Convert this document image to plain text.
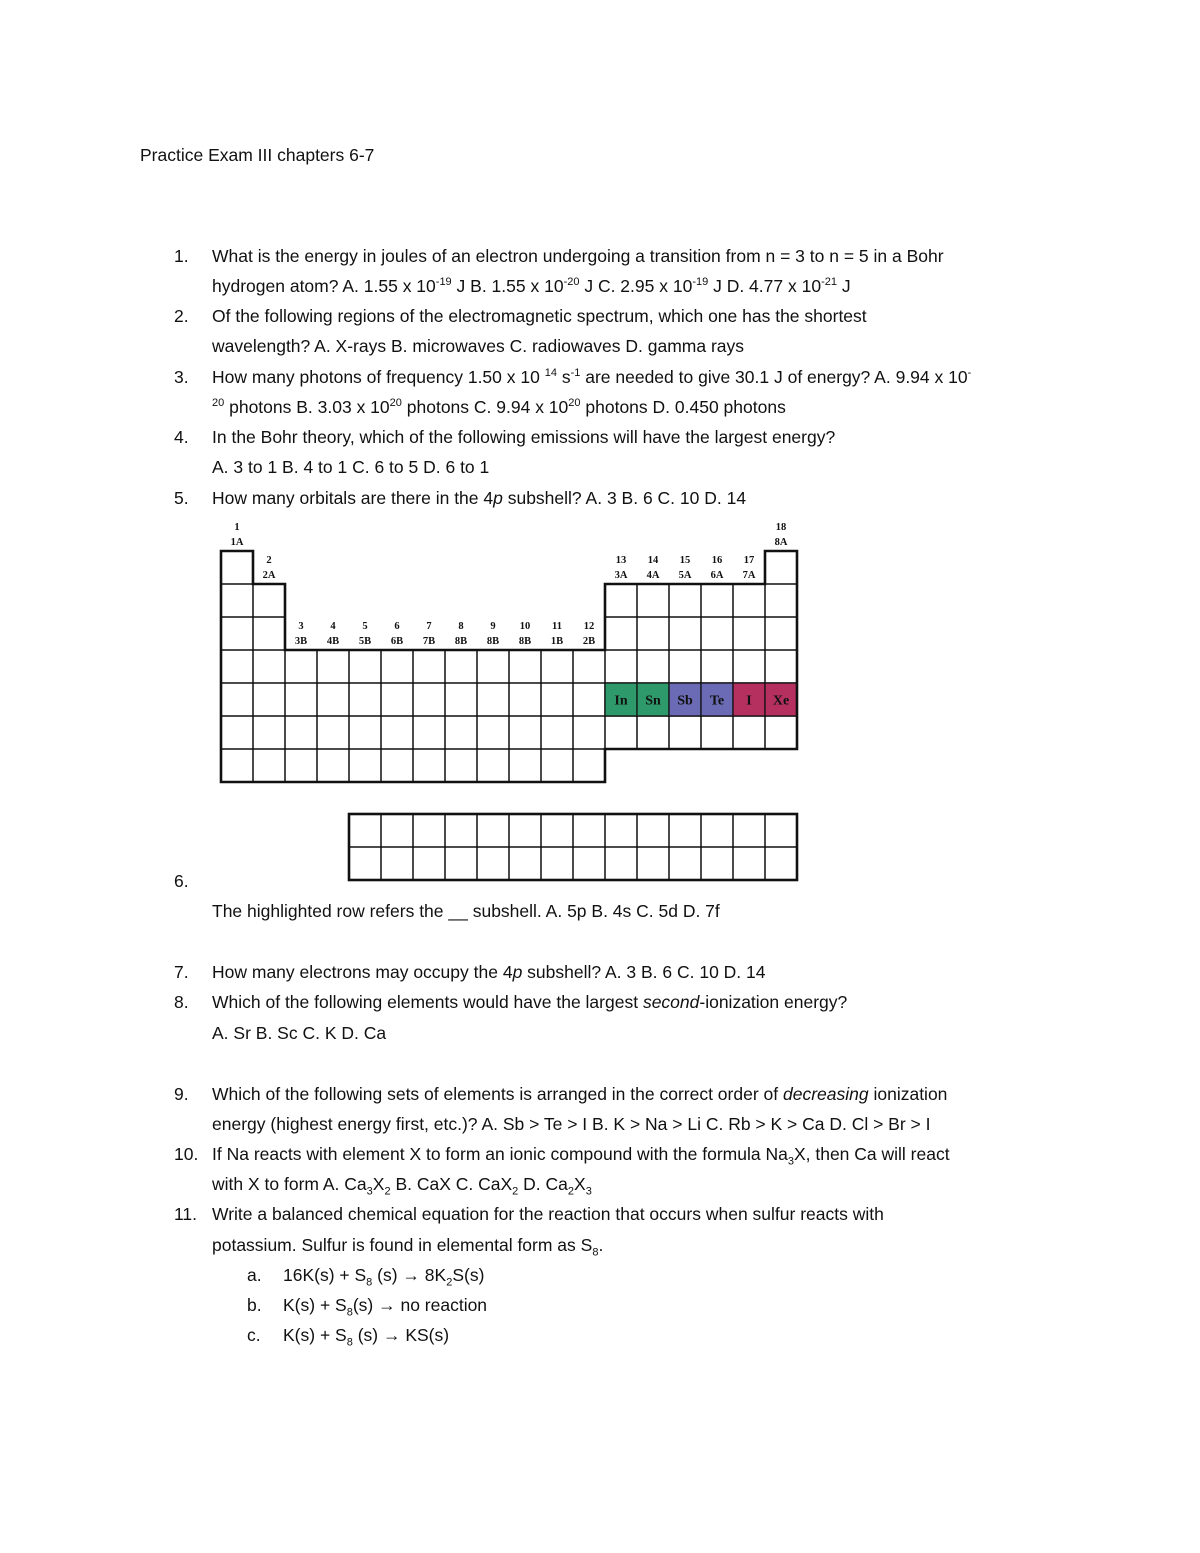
Practice Exam III chapters 6-7
1. What is the energy in joules of an electron undergoing a transition from n = 3 to n = 5 in a Bohr
hydrogen atom? A. 1.55 x $10^{-19}$ J B. 1.55 x $10^{-20}$ J C. 2.95 x $10^{-19}$ J D. 4.77 x $10^{-21}$ J
2. Of the following regions of the electromagnetic spectrum, which one has the shortest
wavelength? A. X-rays B. microwaves C. radiowaves D. gamma rays
3. How many photons of frequency 1.50 x 10 $^{14}$ $s^{-1}$ are needed to give 30.1 J of energy? A. 9.94 x 10-
$^{20}$ photons B. 3.03 x $10^{20}$ photons C. 9.94 x $10^{20}$ photons D. 0.450 photons
4. In the Bohr theory, which of the following emissions will have the largest energy?
A. 3 to 1 B. 4 to 1 C. 6 to 5 D. 6 to 1
5. How many orbitals are there in the 4p subshell? A. 3 B. 6 C. 10 D. 14
In Sn Sb Te I Xe
1
1A
2
2A
3
3B
4
4B
5
5B
6
6B
7
7B
8
8B
9
8B
10
8B
11
1B
12
2B
13
3A
14
4A
15
5A
16
6A
17
7A
18
8A
6.
The highlighted row refers the __ subshell. A. 5p B. 4s C. 5d D. 7f
7. How many electrons may occupy the 4p subshell? A. 3 B. 6 C. 10 D. 14
8. Which of the following elements would have the largest second-ionization energy?
A. Sr B. Sc C. K D. Ca
9. Which of the following sets of elements is arranged in the correct order of decreasing ionization
energy (highest energy first, etc.)? A. Sb > Te > I B. K > Na > Li C. Rb > K > Ca D. Cl > Br > I
10. If Na reacts with element X to form an ionic compound with the formula $Na_3X$, then Ca will react
with X to form A. $Ca_3X_2$ B. CaX C. CaX$_2$ D. $Ca_2X_3$
11. Write a balanced chemical equation for the reaction that occurs when sulfur reacts with
potassium. Sulfur is found in elemental form as $S_8$.
a. $16K(s) + S_8$ $(s) \to 8K_2S(s)$
b. $K(s) + S_8(s)$ → no reaction
c. $K(s) + S_8$ (s) → KS(s)
